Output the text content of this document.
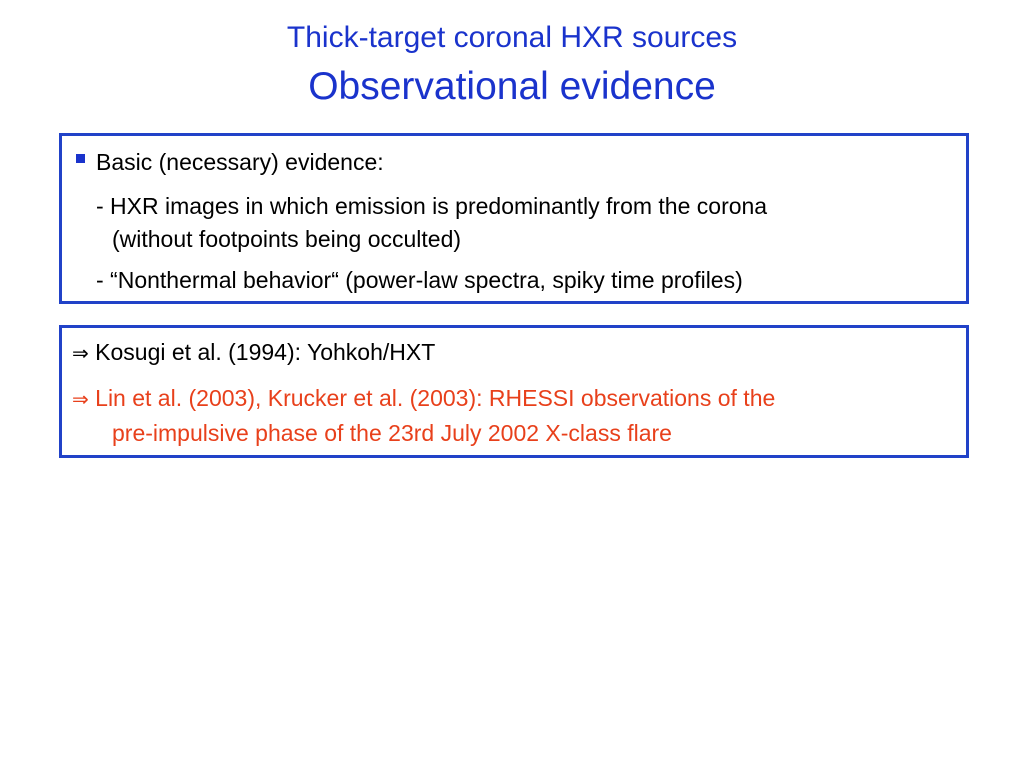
Thick-target coronal HXR sources
Observational evidence
Basic (necessary) evidence:
- HXR images in which emission is predominantly from the corona
(without footpoints being occulted)
- “Nonthermal behavior“ (power-law spectra, spiky time profiles)
⇒ Kosugi et al. (1994): Yohkoh/HXT
⇒ Lin et al. (2003), Krucker et al. (2003): RHESSI observations of the
pre-impulsive phase of the 23rd July 2002 X-class flare
